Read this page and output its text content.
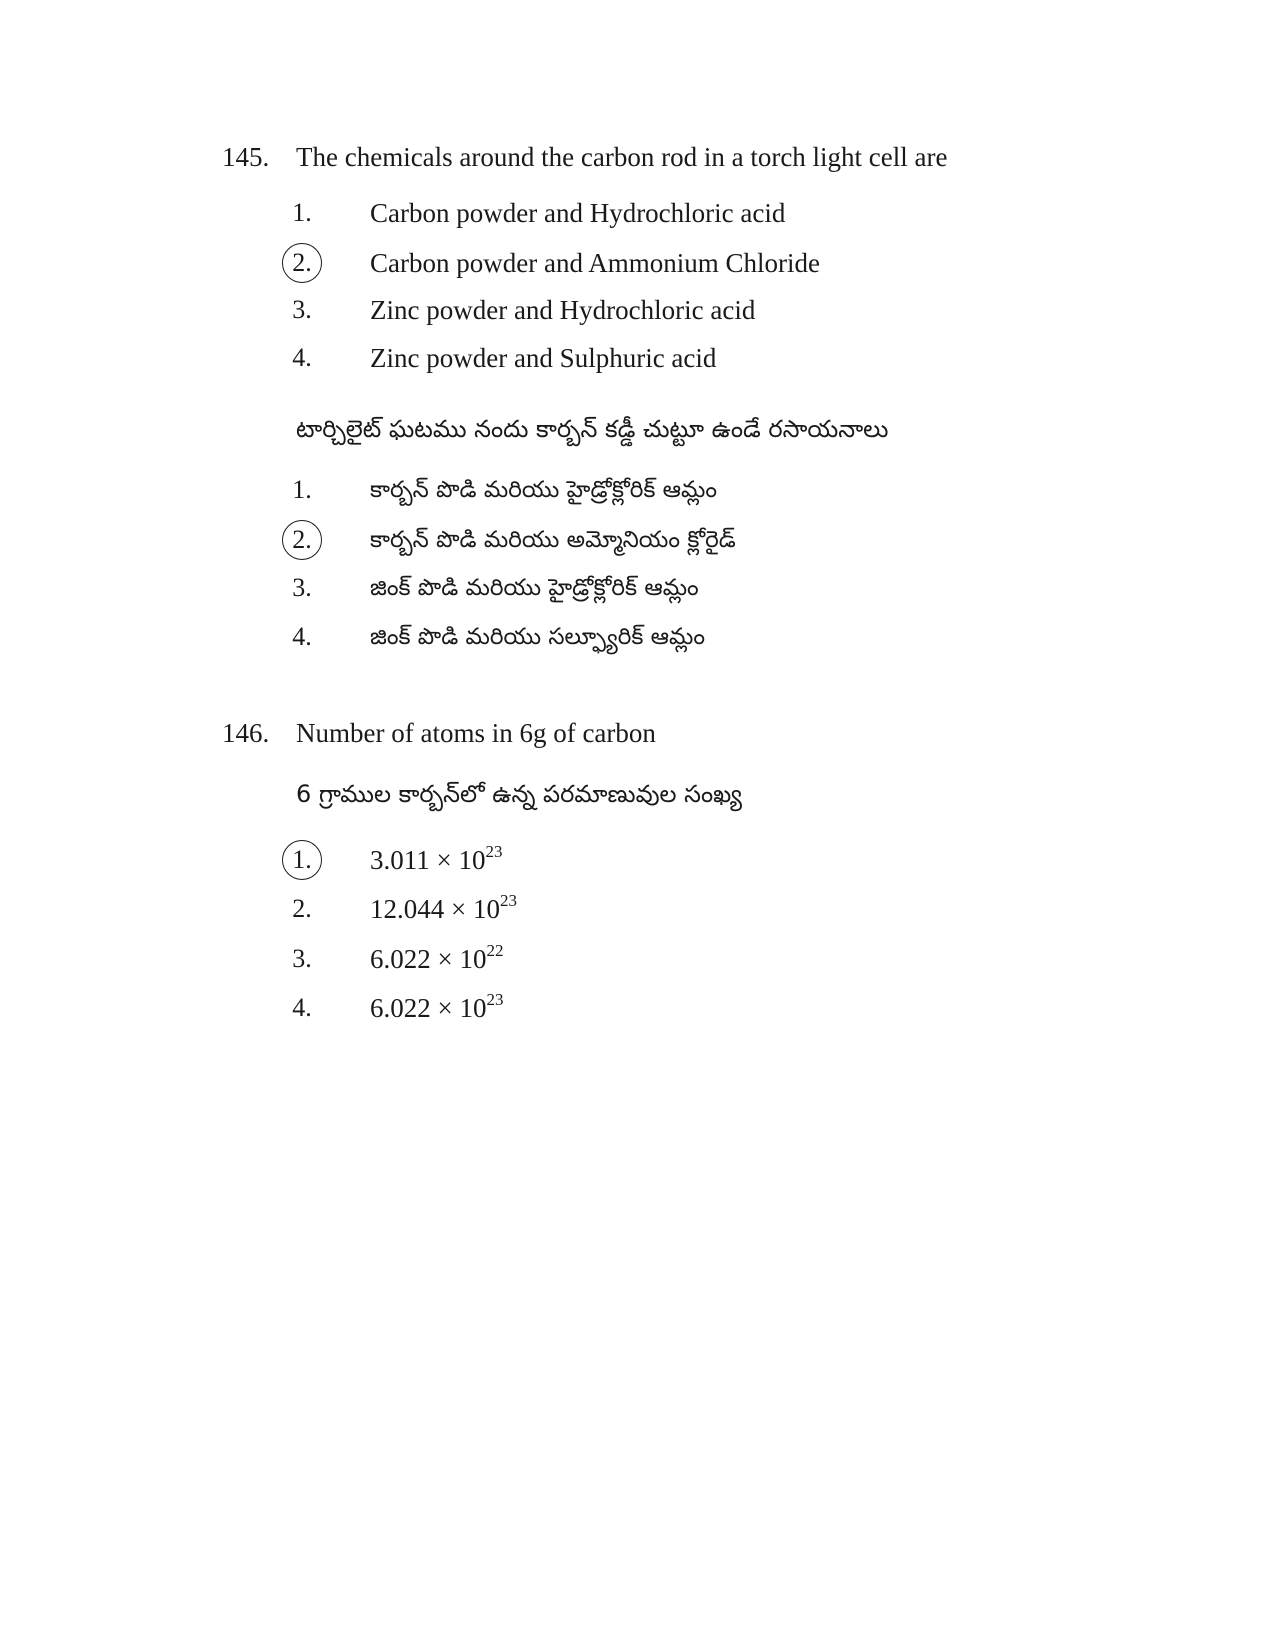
145. The chemicals around the carbon rod in a torch light cell are
1.	Carbon powder and Hydrochloric acid
2.	Carbon powder and Ammonium Chloride
3.	Zinc powder and Hydrochloric acid
4.	Zinc powder and Sulphuric acid
టార్చిలైట్ ఘటము నందు కార్బన్ కడ్డీ చుట్టూ ఉండే రసాయనాలు
1.	కార్బన్ పొడి మరియు హైడ్రోక్లోరిక్ ఆమ్లం
2.	కార్బన్ పొడి మరియు అమ్మోనియం క్లోరైడ్
3.	జింక్ పొడి మరియు హైడ్రోక్లోరిక్ ఆమ్లం
4.	జింక్ పొడి మరియు సల్ఫ్యూరిక్ ఆమ్లం
146. Number of atoms in 6g of carbon
6 గ్రాముల కార్బన్‌లో ఉన్న పరమాణువుల సంఖ్య
1.	$3.011 \times 10^{23}$
2.	$12.044 \times 10^{23}$
3.	$6.022 \times 10^{22}$
4.	$6.022 \times 10^{23}$
